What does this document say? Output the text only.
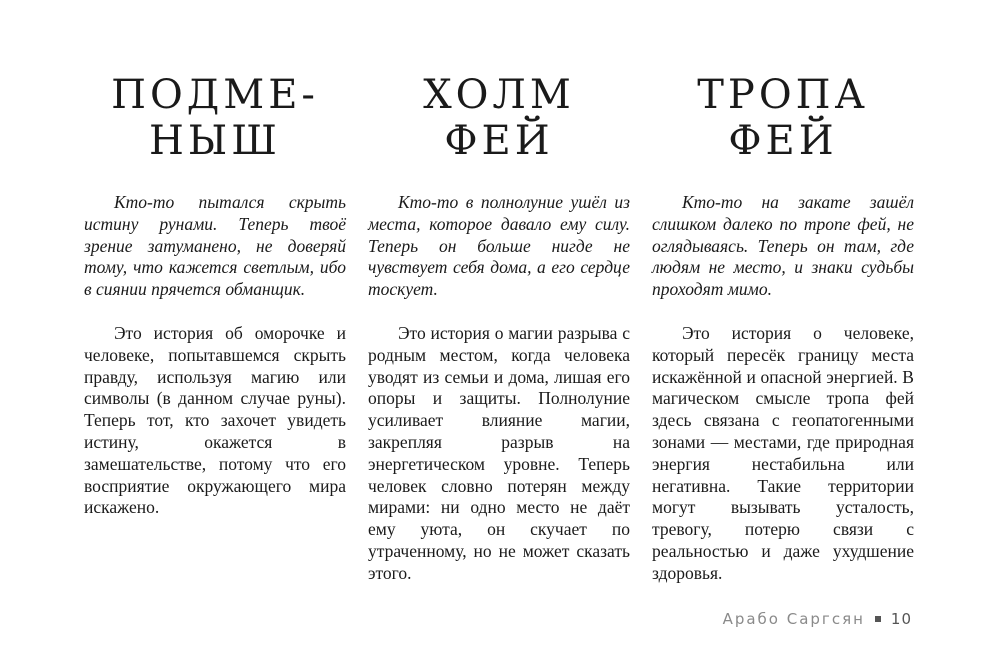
ПОДМЕ-
НЫШ

Кто-то пытался скрыть истину рунами. Теперь твоё зрение затуманено, не доверяй тому, что кажется светлым, ибо в сиянии прячется обманщик.

Это история об оморочке и человеке, попытавшемся скрыть правду, используя магию или символы (в данном случае руны). Теперь тот, кто захочет увидеть истину, окажется в замешательстве, потому что его восприятие окружающего мира искажено.

ХОЛМ
ФЕЙ

Кто-то в полнолуние ушёл из места, которое давало ему силу. Теперь он больше нигде не чувствует себя дома, а его сердце тоскует.

Это история о магии разрыва с родным местом, когда человека уводят из семьи и дома, лишая его опоры и защиты. Полнолуние усиливает влияние магии, закрепляя разрыв на энергетическом уровне. Теперь человек словно потерян между мирами: ни одно место не даёт ему уюта, он скучает по утраченному, но не может сказать этого.

ТРОПА
ФЕЙ

Кто-то на закате зашёл слишком далеко по тропе фей, не оглядываясь. Теперь он там, где людям не место, и знаки судьбы проходят мимо.

Это история о человеке, который пересёк границу места искажённой и опасной энергией. В магическом смысле тропа фей здесь связана с геопатогенными зонами — местами, где природная энергия нестабильна или негативна. Такие территории могут вызывать усталость, тревогу, потерю связи с реальностью и даже ухудшение здоровья.

Арабо Саргсян 10
